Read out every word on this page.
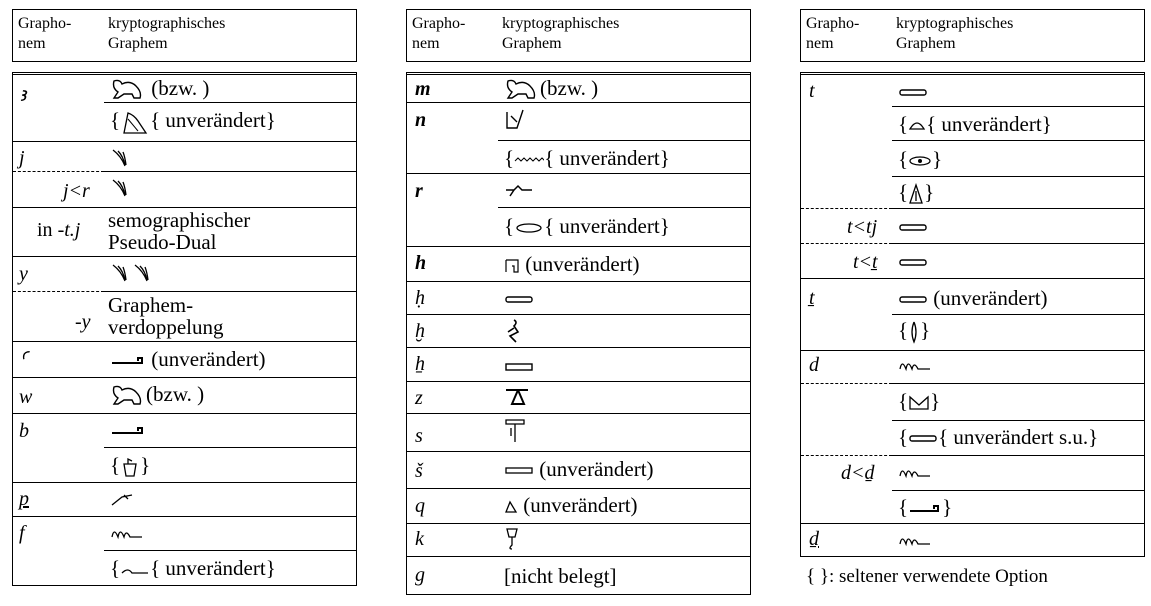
Grapho-
nem
kryptographisches
Graphem
ꜣ
j
j<r
in -t.j
y
-y
ꜥ
w
b
p
f
(bzw. )
{ { unverändert}
semographischer
Pseudo-Dual
Graphem-
verdoppelung
(unverändert)
(bzw. )
{ }
{ { unverändert}
Grapho-
nem
kryptographisches
Graphem
m
n
r
h
ḥ
ḫ
ẖ
z
s
š
q
k
g
(bzw. )
{ { unverändert}
{ { unverändert}
(unverändert)
(unverändert)
(unverändert)
[nicht belegt]
Grapho-
nem
kryptographisches
Graphem
t
t<tj
t<ṯ
ṯ
d
d<ḏ
ḏ
{ { unverändert}
{ }
{ }
(unverändert)
{ }
{ }
{ { unverändert s.u.}
{ }
{ }: seltener verwendete Option
